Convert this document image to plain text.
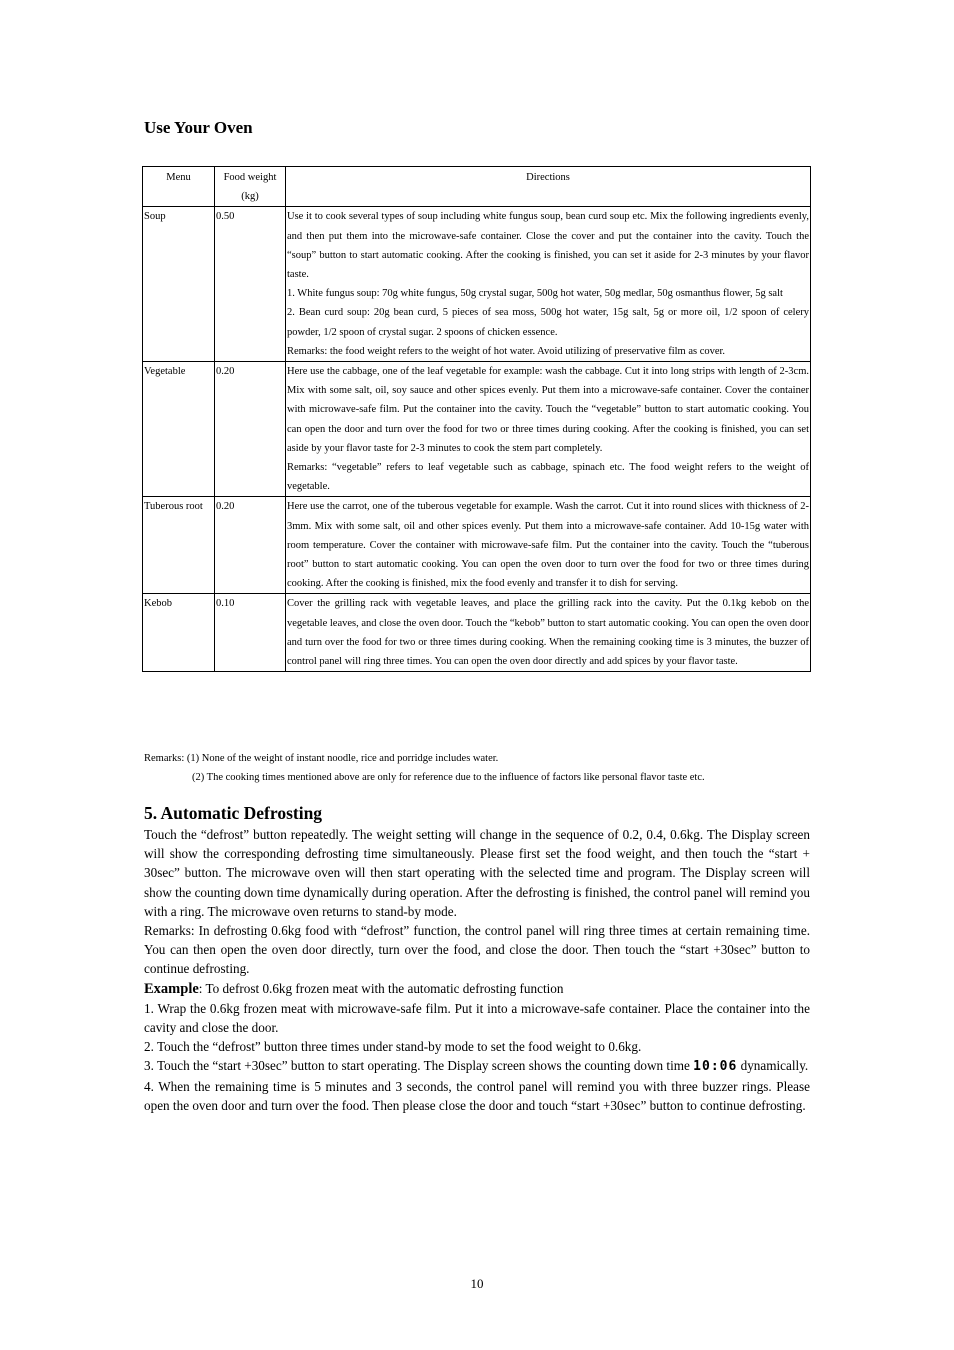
Use Your Oven
Menu	Food weight (kg)	Directions
Soup	0.50	Use it to cook several types of soup including white fungus soup, bean curd soup etc. Mix the following ingredients evenly, and then put them into the microwave-safe container. Close the cover and put the container into the cavity. Touch the “soup” button to start automatic cooking. After the cooking is finished, you can set it aside for 2-3 minutes by your flavor taste.

1. White fungus soup: 70g white fungus, 50g crystal sugar, 500g hot water, 50g medlar, 50g osmanthus flower, 5g salt

2. Bean curd soup: 20g bean curd, 5 pieces of sea moss, 500g hot water, 15g salt, 5g or more oil, 1/2 spoon of celery powder, 1/2 spoon of crystal sugar. 2 spoons of chicken essence.

Remarks: the food weight refers to the weight of hot water. Avoid utilizing of preservative film as cover.

Vegetable	0.20	Here use the cabbage, one of the leaf vegetable for example: wash the cabbage. Cut it into long strips with length of 2-3cm. Mix with some salt, oil, soy sauce and other spices evenly. Put them into a microwave-safe container. Cover the container with microwave-safe film. Put the container into the cavity. Touch the “vegetable” button to start automatic cooking. You can open the door and turn over the food for two or three times during cooking. After the cooking is finished, you can set aside by your flavor taste for 2-3 minutes to cook the stem part completely.

Remarks: “vegetable” refers to leaf vegetable such as cabbage, spinach etc. The food weight refers to the weight of vegetable.

Tuberous root	0.20	Here use the carrot, one of the tuberous vegetable for example. Wash the carrot. Cut it into round slices with thickness of 2-3mm. Mix with some salt, oil and other spices evenly. Put them into a microwave-safe container. Add 10-15g water with room temperature. Cover the container with microwave-safe film. Put the container into the cavity. Touch the “tuberous root” button to start automatic cooking. You can open the oven door to turn over the food for two or three times during cooking. After the cooking is finished, mix the food evenly and transfer it to dish for serving.

Kebob	0.10	Cover the grilling rack with vegetable leaves, and place the grilling rack into the cavity. Put the 0.1kg kebob on the vegetable leaves, and close the oven door. Touch the “kebob” button to start automatic cooking. You can open the oven door and turn over the food for two or three times during cooking. When the remaining cooking time is 3 minutes, the buzzer of control panel will ring three times. You can open the oven door directly and add spices by your flavor taste.

Remarks: (1) None of the weight of instant noodle, rice and porridge includes water.
(2) The cooking times mentioned above are only for reference due to the influence of factors like personal flavor taste etc.
5. Automatic Defrosting

Touch the “defrost” button repeatedly. The weight setting will change in the sequence of 0.2, 0.4, 0.6kg. The Display screen will show the corresponding defrosting time simultaneously. Please first set the food weight, and then touch the “start + 30sec” button. The microwave oven will then start operating with the selected time and program. The Display screen will show the counting down time dynamically during operation. After the defrosting is finished, the control panel will remind you with a ring. The microwave oven returns to stand-by mode.

Remarks: In defrosting 0.6kg food with “defrost” function, the control panel will ring three times at certain remaining time. You can then open the oven door directly, turn over the food, and close the door. Then touch the “start +30sec” button to continue defrosting.

Example: To defrost 0.6kg frozen meat with the automatic defrosting function

1. Wrap the 0.6kg frozen meat with microwave-safe film. Put it into a microwave-safe container. Place the container into the cavity and close the door.

2. Touch the “defrost” button three times under stand-by mode to set the food weight to 0.6kg.

3. Touch the “start +30sec” button to start operating. The Display screen shows the counting down time 10:06 dynamically.

4. When the remaining time is 5 minutes and 3 seconds, the control panel will remind you with three buzzer rings. Please open the oven door and turn over the food. Then please close the door and touch “start +30sec” button to continue defrosting.

10
